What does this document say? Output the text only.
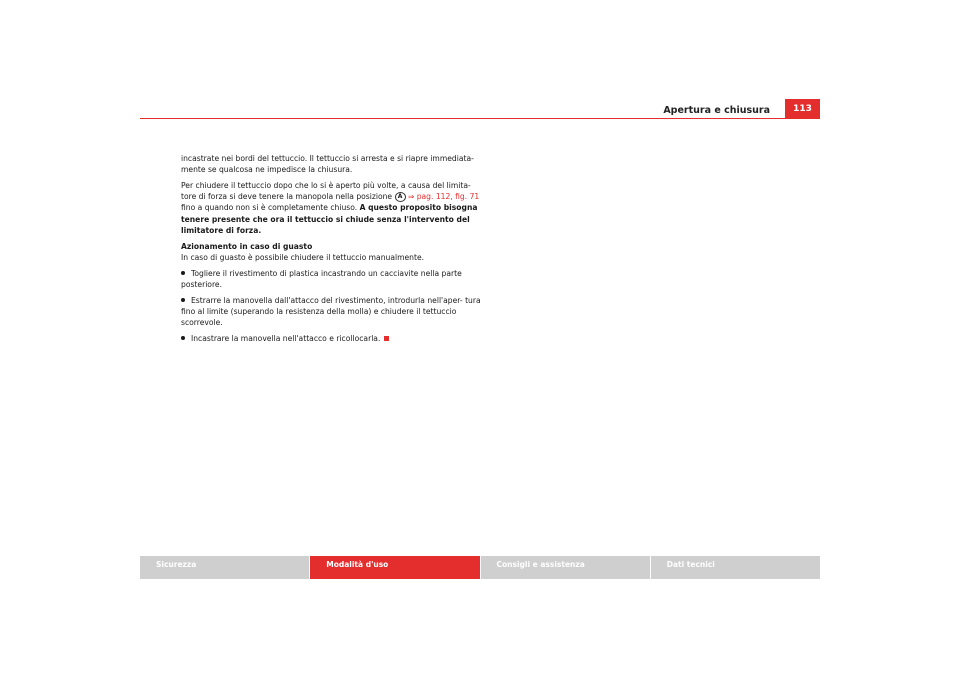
Apertura e chiusura	113

incastrate nei bordi del tettuccio. Il tettuccio si arresta e si riapre immediata- mente se qualcosa ne impedisce la chiusura.

Per chiudere il tettuccio dopo che lo si è aperto più volte, a causa del limita- tore di forza si deve tenere la manopola nella posizione A ⇒ pag. 112, fig. 71 fino a quando non si è completamente chiuso. A questo proposito bisogna tenere presente che ora il tettuccio si chiude senza l'intervento del limitatore di forza.

Azionamento in caso di guasto

In caso di guasto è possibile chiudere il tettuccio manualmente.

Togliere il rivestimento di plastica incastrando un cacciavite nella parte posteriore.

Estrarre la manovella dall'attacco del rivestimento, introdurla nell'aper- tura fino al limite (superando la resistenza della molla) e chiudere il tettuccio scorrevole.

Incastrare la manovella nell'attacco e ricollocarla.

Sicurezza	Modalità d'uso	Consigli e assistenza	Dati tecnici
